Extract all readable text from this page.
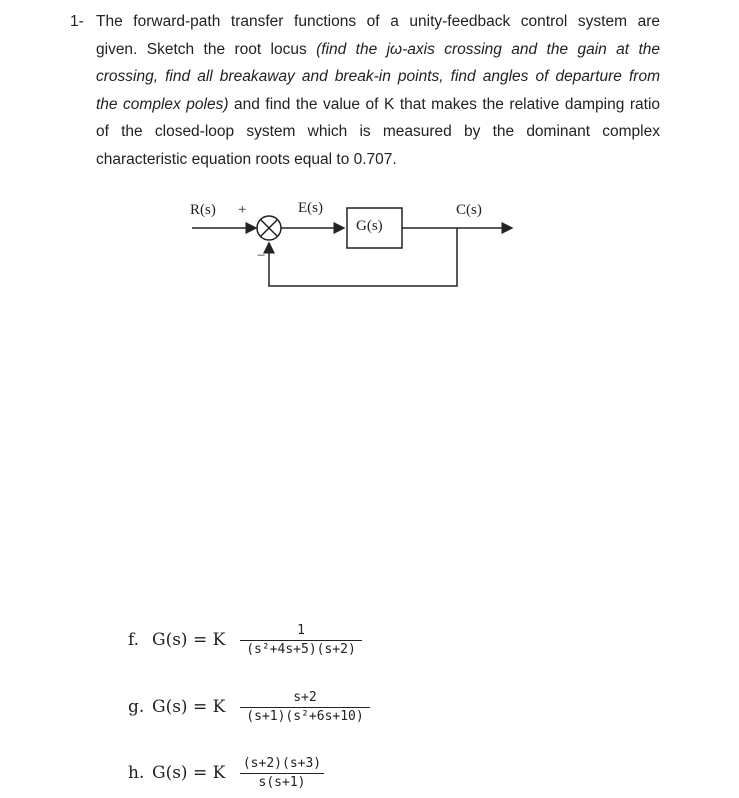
1- The forward-path transfer functions of a unity-feedback control system are
given. Sketch the root locus (find the jω-axis crossing and the gain at the
crossing, find all breakaway and break-in points, find angles of departure from
the complex poles) and find the value of K that makes the relative damping ratio
of the closed-loop system which is measured by the dominant complex
characteristic equation roots equal to 0.707.
R(s) +
−
E(s)
G(s)
C(s)
f. G(s) = K	1
(s²+4s+5)(s+2)
g. G(s) = K	s+2
(s+1)(s²+6s+10)
h. G(s) = K (s+2)(s+3)
s(s+1)
